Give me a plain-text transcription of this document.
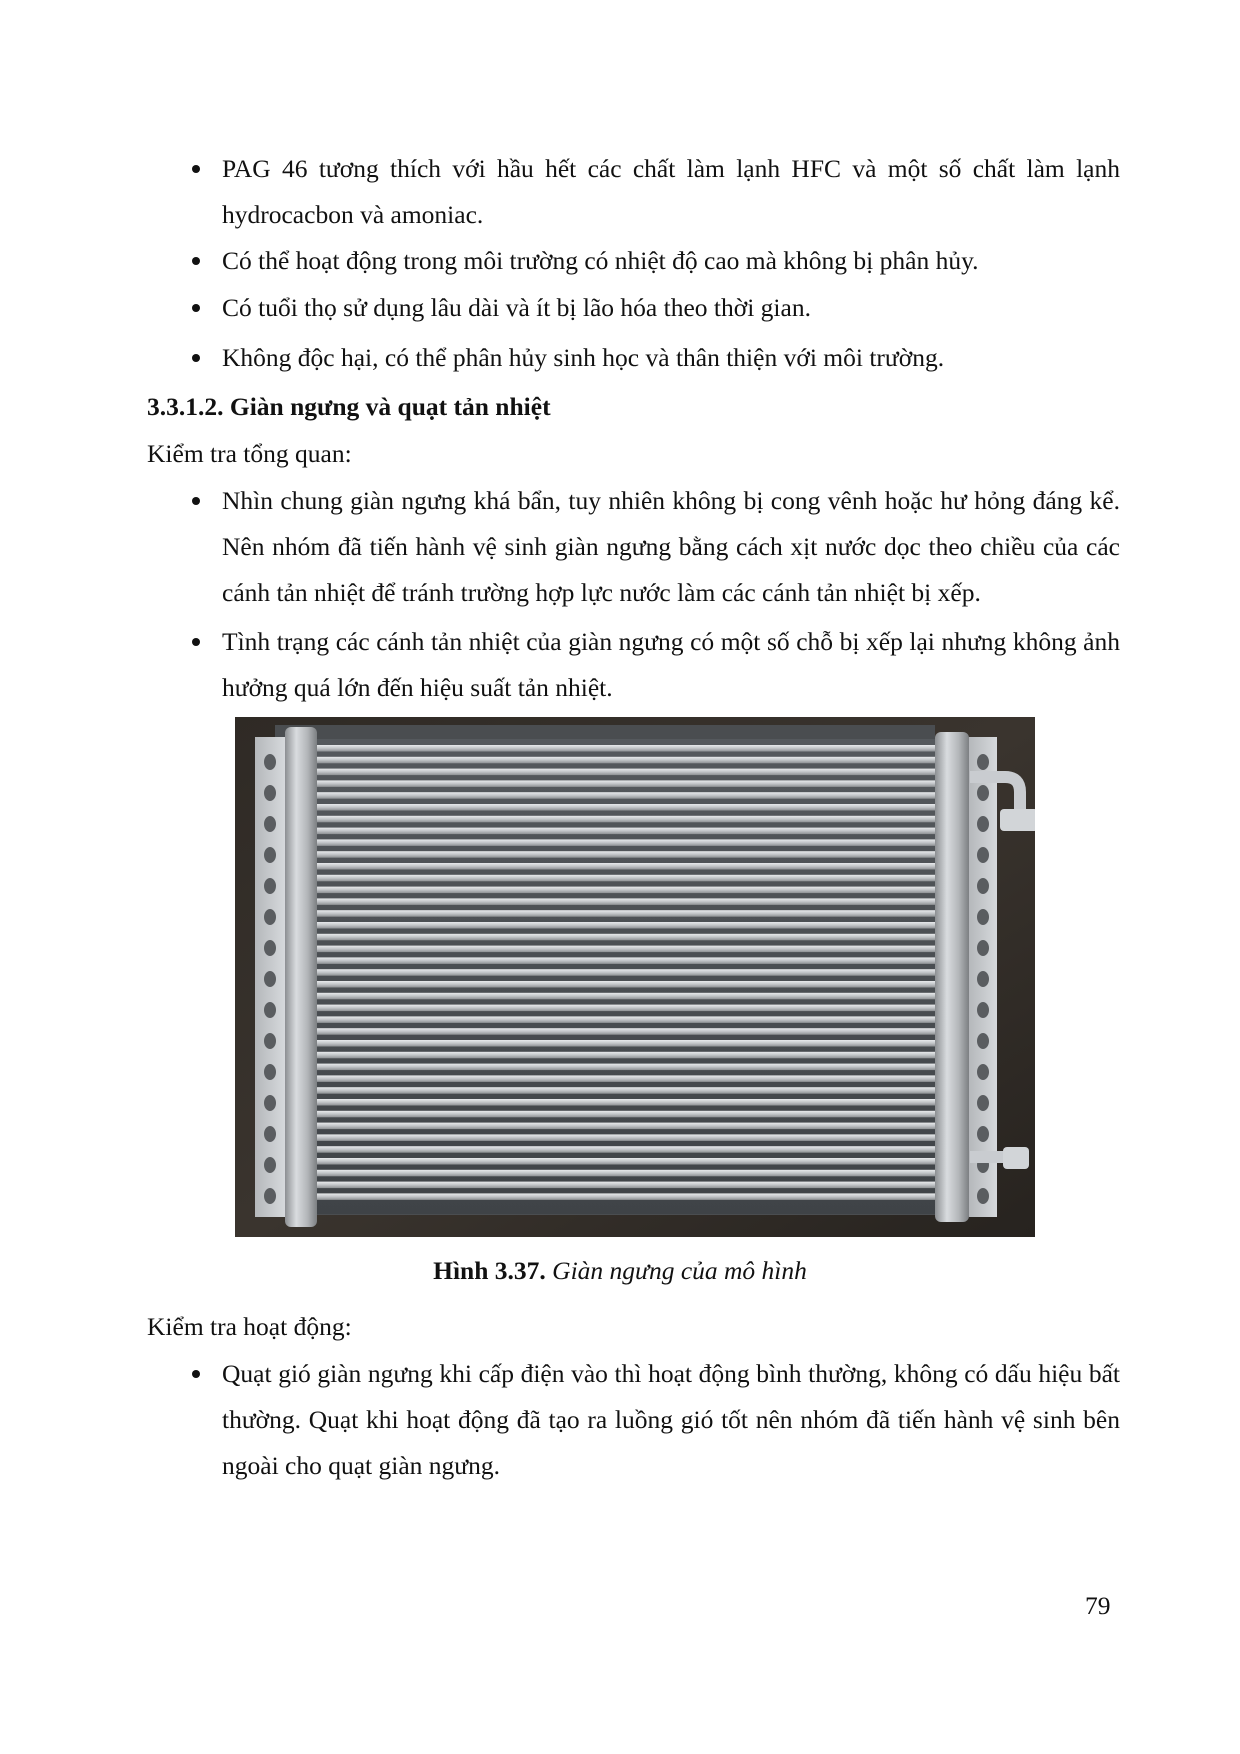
PAG 46 tương thích với hầu hết các chất làm lạnh HFC và một số chất làm lạnh hydrocacbon và amoniac.
Có thể hoạt động trong môi trường có nhiệt độ cao mà không bị phân hủy.
Có tuổi thọ sử dụng lâu dài và ít bị lão hóa theo thời gian.
Không độc hại, có thể phân hủy sinh học và thân thiện với môi trường.
3.3.1.2. Giàn ngưng và quạt tản nhiệt

Kiểm tra tổng quan:

Nhìn chung giàn ngưng khá bẩn, tuy nhiên không bị cong vênh hoặc hư hỏng đáng kể. Nên nhóm đã tiến hành vệ sinh giàn ngưng bằng cách xịt nước dọc theo chiều của các cánh tản nhiệt để tránh trường hợp lực nước làm các cánh tản nhiệt bị xếp.
Tình trạng các cánh tản nhiệt của giàn ngưng có một số chỗ bị xếp lại nhưng không ảnh hưởng quá lớn đến hiệu suất tản nhiệt.

Hình 3.37. Giàn ngưng của mô hình

Kiểm tra hoạt động:

Quạt gió giàn ngưng khi cấp điện vào thì hoạt động bình thường, không có dấu hiệu bất thường. Quạt khi hoạt động đã tạo ra luồng gió tốt nên nhóm đã tiến hành vệ sinh bên ngoài cho quạt giàn ngưng.

79
